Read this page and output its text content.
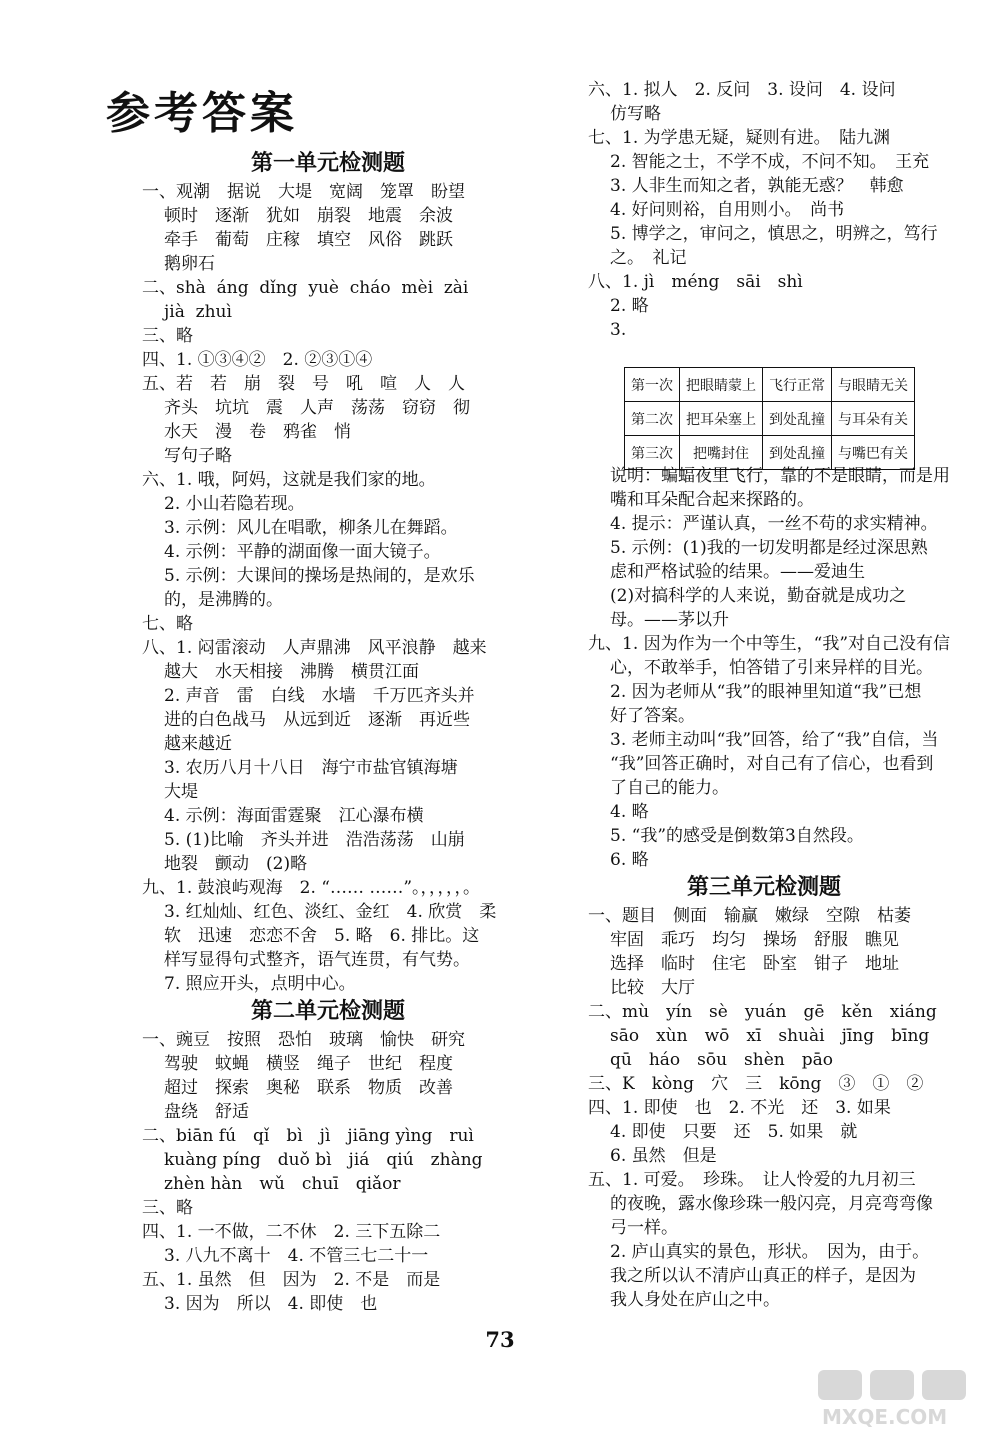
参考答案
第一单元检测题
一、观潮　据说　大堤　宽阔　笼罩　盼望
顿时　逐渐　犹如　崩裂　地震　余波
牵手　葡萄　庄稼　填空　风俗　跳跃
鹅卵石
二、shà  áng  dǐng  yuè  cháo  mèi  zài
jià  zhuì
三、略
四、1. ①③④②　2. ②③①④
五、若　若　崩　裂　号　吼　喧　人　人
齐头　坑坑　震　人声　荡荡　窃窃　彻
水天　漫　卷　鸦雀　悄
写句子略
六、1. 哦，阿妈，这就是我们家的地。
2. 小山若隐若现。
3. 示例：风儿在唱歌，柳条儿在舞蹈。
4. 示例：平静的湖面像一面大镜子。
5. 示例：大课间的操场是热闹的，是欢乐
的，是沸腾的。
七、略
八、1. 闷雷滚动　人声鼎沸　风平浪静　越来
越大　水天相接　沸腾　横贯江面
2. 声音　雷　白线　水墙　千万匹齐头并
进的白色战马　从远到近　逐渐　再近些
越来越近
3. 农历八月十八日　海宁市盐官镇海塘
大堤
4. 示例：海面雷霆聚　江心瀑布横
5. (1)比喻　齐头并进　浩浩荡荡　山崩
地裂　颤动　(2)略
九、1. 鼓浪屿观海　2. “…… ……”。，，，，，。
3. 红灿灿、红色、淡红、金红　4. 欣赏　柔
软　迅速　恋恋不舍　5. 略　6. 排比。这
样写显得句式整齐，语气连贯，有气势。
7. 照应开头，点明中心。
第二单元检测题
一、豌豆　按照　恐怕　玻璃　愉快　研究
驾驶　蚊蝇　横竖　绳子　世纪　程度
超过　探索　奥秘　联系　物质　改善
盘绕　舒适
二、biān fú　qǐ　bì　jì　jiāng yìng　ruì
kuàng píng　duǒ bì　jiá　qiú　zhàng
zhèn hàn　wǔ　chuī　qiǎor
三、略
四、1. 一不做，二不休　2. 三下五除二
3. 八九不离十　4. 不管三七二十一
五、1. 虽然　但　因为　2. 不是　而是
3. 因为　所以　4. 即使　也
六、1. 拟人　2. 反问　3. 设问　4. 设问
仿写略
七、1. 为学患无疑，疑则有进。　陆九渊
2. 智能之士，不学不成，不问不知。　王充
3. 人非生而知之者，孰能无惑？　韩愈
4. 好问则裕，自用则小。　尚书
5. 博学之，审问之，慎思之，明辨之，笃行
之。　礼记
八、1. jì　méng　sāi　shì
2. 略
3.
说明：蝙蝠夜里飞行，靠的不是眼睛，而是用
嘴和耳朵配合起来探路的。
4. 提示：严谨认真，一丝不苟的求实精神。
5. 示例：(1)我的一切发明都是经过深思熟
虑和严格试验的结果。——爱迪生
(2)对搞科学的人来说，勤奋就是成功之
母。——茅以升
九、1. 因为作为一个中等生，“我”对自己没有信
心，不敢举手，怕答错了引来异样的目光。
2. 因为老师从“我”的眼神里知道“我”已想
好了答案。
3. 老师主动叫“我”回答，给了“我”自信，当
“我”回答正确时，对自己有了信心，也看到
了自己的能力。
4. 略
5. “我”的感受是倒数第3自然段。
6. 略
第三单元检测题
一、题目　侧面　输赢　嫩绿　空隙　枯萎
牢固　乖巧　均匀　操场　舒服　瞧见
选择　临时　住宅　卧室　钳子　地址
比较　大厅
二、mù　yín　sè　yuán　gē　kěn　xiáng
sāo　xùn　wō　xī　shuài　jīng　bīng
qū　háo　sōu　shèn　pāo
三、K　kòng　穴　三　kōng　③　①　②
四、1. 即使　也　2. 不光　还　3. 如果
4. 即使　只要　还　5. 如果　就
6. 虽然　但是
五、1. 可爱。　珍珠。　让人怜爱的九月初三
的夜晚，露水像珍珠一般闪亮，月亮弯弯像
弓一样。
2. 庐山真实的景色，形状。　因为，由于。
我之所以认不清庐山真正的样子，是因为
我人身处在庐山之中。
第一次	把眼睛蒙上	飞行正常	与眼睛无关
第二次	把耳朵塞上	到处乱撞	与耳朵有关
第三次	把嘴封住	到处乱撞	与嘴巴有关
73
MXQE.COM
